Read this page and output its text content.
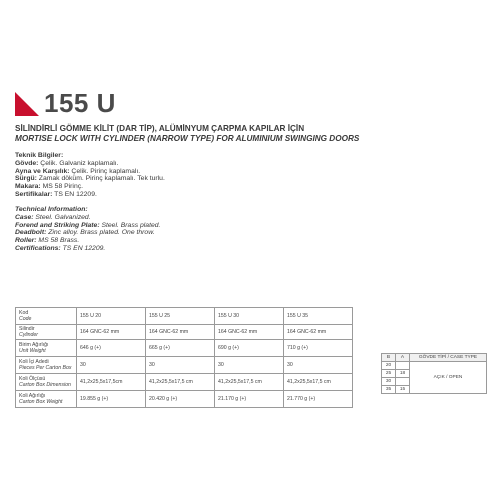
155 U
SİLİNDİRLİ GÖMME KİLİT (DAR TİP), ALÜMİNYUM ÇARPMA KAPILAR İÇİN
MORTISE LOCK WITH CYLINDER (NARROW TYPE) FOR ALUMINIUM SWINGING DOORS
Teknik Bilgiler:
Gövde: Çelik. Galvaniz kaplamalı.
Ayna ve Karşılık: Çelik. Pirinç kaplamalı.
Sürgü: Zamak döküm. Pirinç kaplamalı. Tek turlu.
Makara: MS 58 Pirinç.
Sertifikalar: TS EN 12209.
Technical Information:
Case: Steel. Galvanized.
Forend and Striking Plate: Steel. Brass plated.
Deadbolt: Zinc alloy. Brass plated. One throw.
Roller: MS 58 Brass.
Certifications: TS EN 12209.
Kod
Code	155 U 20	155 U 25	155 U 30	155 U 35

Silindir
Cylinder	164 GNC-62 mm	164 GNC-62 mm	164 GNC-62 mm	164 GNC-62 mm

Birim Ağırlığı
Unit Weight	646 g (+)	665 g (+)	690 g (+)	710 g (+)

Koli İçi Adedi
Pieces Per Carton Box	30	30	30	30

Koli Ölçüsü
Carton Box Dimension	41,2x25,5x17,5cm	41,2x25,5x17,5 cm	41,2x25,5x17,5 cm	41,2x25,5x17,5 cm

Koli Ağırlığı
Carton Box Weight	19.855 g (+)	20.420 g (+)	21.170 g (+)	21.770 g (+)
B	A	GÖVDE TİPİ / CASE TYPE
20		AÇIK / OPEN
25	18	
30		
35	15	
